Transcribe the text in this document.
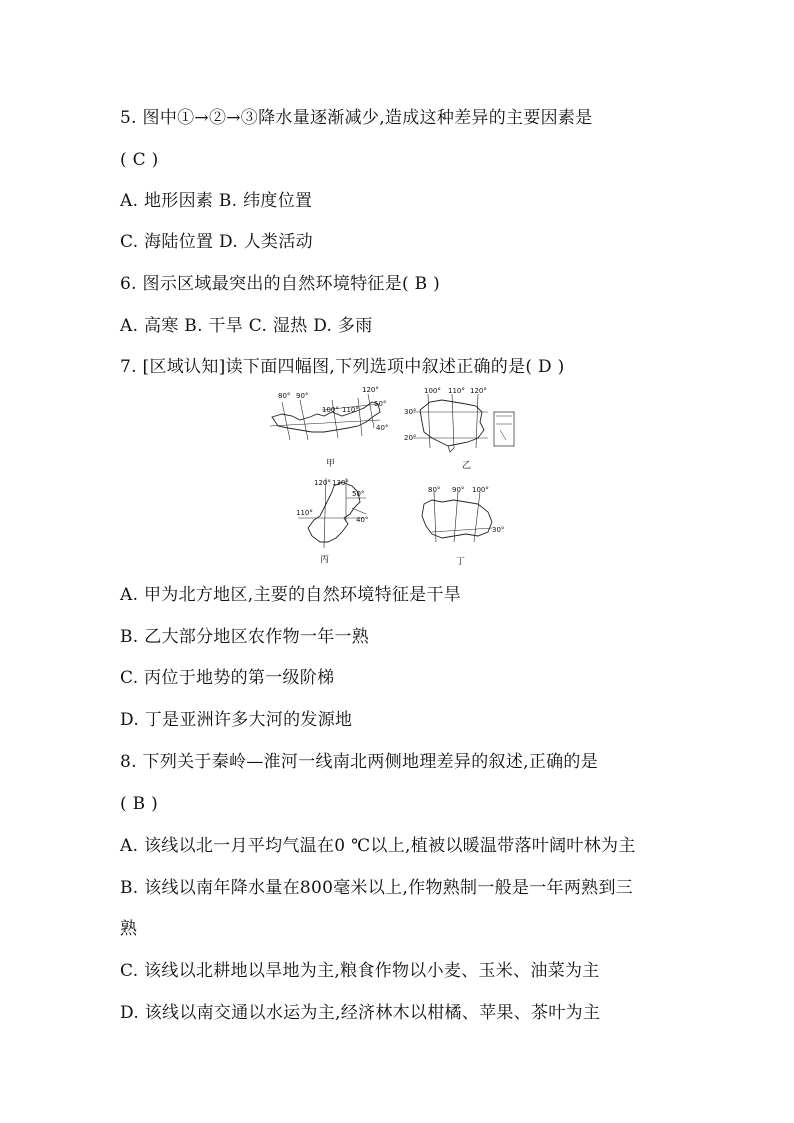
5. 图中①→②→③降水量逐渐减少,造成这种差异的主要因素是
( C )
A. 地形因素 B. 纬度位置
C. 海陆位置 D. 人类活动
6. 图示区域最突出的自然环境特征是( B )
A. 高寒 B. 干旱 C. 湿热 D. 多雨
7. [区域认知]读下面四幅图,下列选项中叙述正确的是( D )
80° 90°
100° 110°
120°
50°
40°
甲
100° 110° 120°
30°
20°
乙
120° 130°
50°
110°
40°
丙
80° 90° 100°
30°
丁
A. 甲为北方地区,主要的自然环境特征是干旱
B. 乙大部分地区农作物一年一熟
C. 丙位于地势的第一级阶梯
D. 丁是亚洲许多大河的发源地
8. 下列关于秦岭—淮河一线南北两侧地理差异的叙述,正确的是
( B )
A. 该线以北一月平均气温在0 ℃以上,植被以暖温带落叶阔叶林为主
B. 该线以南年降水量在800毫米以上,作物熟制一般是一年两熟到三
熟
C. 该线以北耕地以旱地为主,粮食作物以小麦、玉米、油菜为主
D. 该线以南交通以水运为主,经济林木以柑橘、苹果、茶叶为主
